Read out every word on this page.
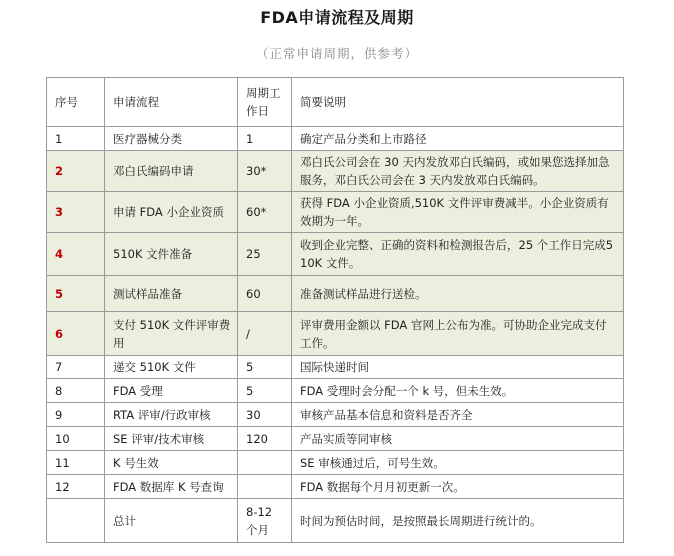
FDA申请流程及周期
（正常申请周期，供参考）
序号	申请流程	周期工作日	简要说明
1	医疗器械分类	1	确定产品分类和上市路径
2	邓白氏编码申请	30*	邓白氏公司会在 30 天内发放邓白氏编码，或如果您选择加急服务，邓白氏公司会在 3 天内发放邓白氏编码。
3	申请 FDA 小企业资质	60*	获得 FDA 小企业资质,510K 文件评审费减半。小企业资质有效期为一年。
4	510K 文件准备	25	收到企业完整、正确的资料和检测报告后，25 个工作日完成510K 文件。
5	测试样品准备	60	准备测试样品进行送检。
6	支付 510K 文件评审费用	/	评审费用金额以 FDA 官网上公布为准。可协助企业完成支付工作。
7	递交 510K 文件	5	国际快递时间
8	FDA 受理	5	FDA 受理时会分配一个 k 号，但未生效。
9	RTA 评审/行政审核	30	审核产品基本信息和资料是否齐全
10	SE 评审/技术审核	120	产品实质等同审核
11	K 号生效		SE 审核通过后，可号生效。
12	FDA 数据库 K 号查询		FDA 数据每个月月初更新一次。
	总计	8-12 个月	时间为预估时间，是按照最长周期进行统计的。
